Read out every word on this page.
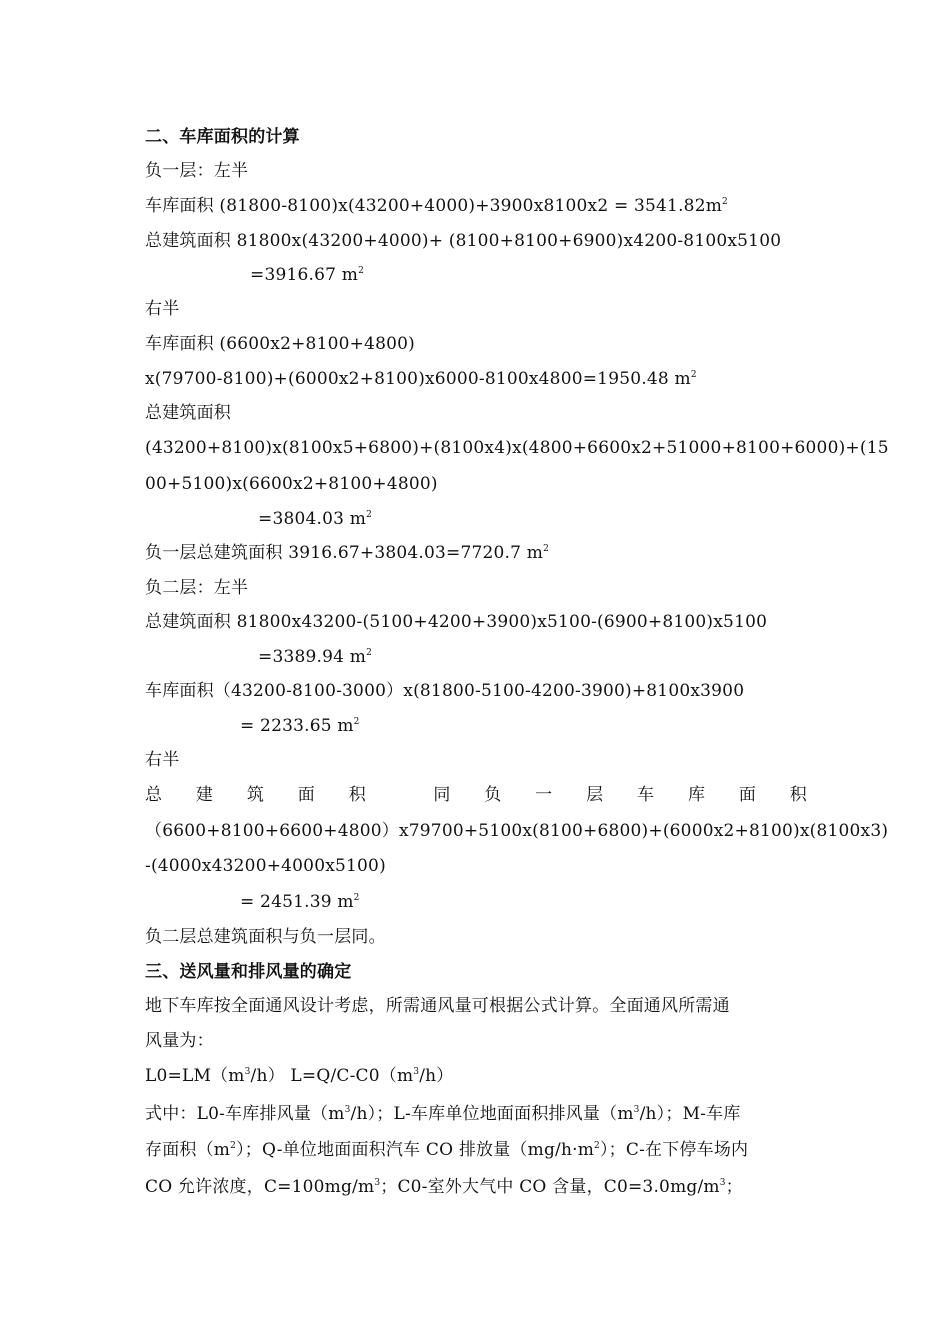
二、车库面积的计算
负一层：左半
车库面积 $(81800-8100)x(43200+4000)+3900x8100x2 = 3541.82m^2$
总建筑面积 81800x(43200+4000)+ (8100+8100+6900)x4200-8100x5100
=3916.67 $m^2$
右半
车库面积 (6600x2+8100+4800)
x(79700-8100)+(6000x2+8100)x6000-8100x4800=1950.48 $m^2$
总建筑面积
(43200+8100)x(8100x5+6800)+(8100x4)x(4800+6600x2+51000+8100+6000)+(15
00+5100)x(6600x2+8100+4800)
=3804.03 $m^2$
负一层总建筑面积 3916.67+3804.03=7720.7 $m^2$
负二层：左半
总建筑面积 81800x43200-(5100+4200+3900)x5100-(6900+8100)x5100
=3389.94 $m^2$
车库面积（43200-8100-3000）x(81800-5100-4200-3900)+8100x3900
= 2233.65 $m^2$
右半
总 建 筑 面 积	同 负 一 层 车 库 面 积
（6600+8100+6600+4800）x79700+5100x(8100+6800)+(6000x2+8100)x(8100x3)
-(4000x43200+4000x5100)
= 2451.39 $m^2$
负二层总建筑面积与负一层同。
三、送风量和排风量的确定
地下车库按全面通风设计考虑，所需通风量可根据公式计算。全面通风所需通
风量为：
$L0=LM(m^3/h)$ $L=Q/C-C0(m^3/h)$
式中：L0-车库排风量$(m^3/h)$；L-车库单位地面面积排风量$(m^3/h)$；M-车库
存面积$(m^2)$；Q-单位地面面积汽车 CO 排放量$(mg/h\cdot m^2)$；C-在下停车场内
CO 允许浓度，$C=100mg/m^3$；C0-室外大气中 CO 含量，$C0=3.0mg/m^3$；
